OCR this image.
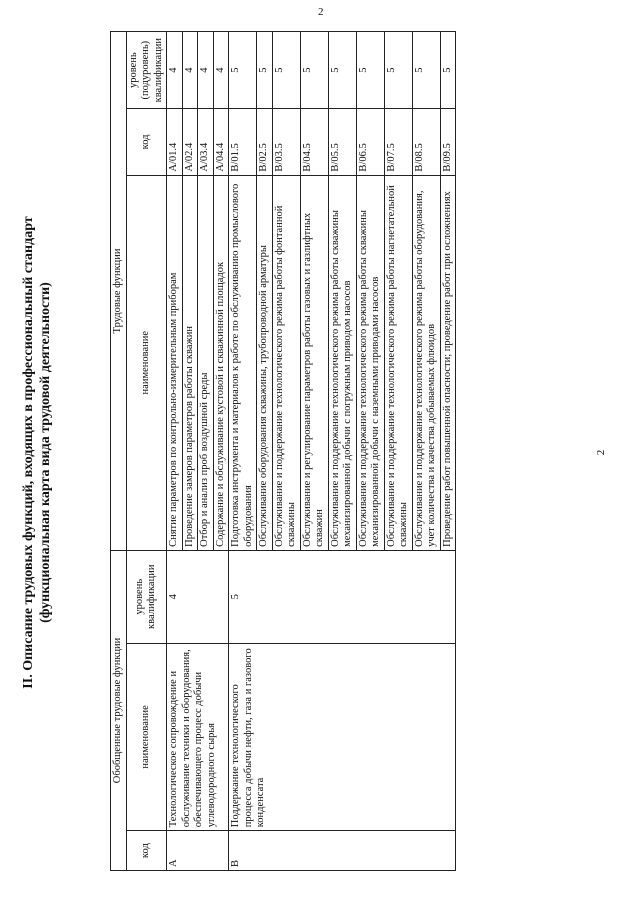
2
II. Описание трудовых функций, входящих в профессиональный стандарт (функциональная карта вида трудовой деятельности)
Обобщенные трудовые функции			Трудовые функции		
код	наименование	уровень квалификации	наименование	код	уровень (подуровень) квалификации
A	Технологическое сопровождение и обслуживание техники и оборудования, обеспечивающего процесс добычи углеводородного сырья	4	Снятие параметров по контрольно-измерительным приборам	A/01.4	4
			Проведение замеров параметров работы скважин	A/02.4	4
			Отбор и анализ проб воздушной среды	A/03.4	4
			Содержание и обслуживание кустовой и скважинной площадок	A/04.4	4
B	Поддержание технологического процесса добычи нефти, газа и газового конденсата	5	Подготовка инструмента и материалов к работе по обслуживанию промыслового оборудования	B/01.5	5
			Обслуживание оборудования скважины, трубопроводной арматуры	B/02.5	5
			Обслуживание и поддержание технологического режима работы фонтанной скважины	B/03.5	5
			Обслуживание и регулирование параметров работы газовых и газлифтных скважин	B/04.5	5
			Обслуживание и поддержание технологического режима работы скважины механизированной добычи с погружным приводом насосов	B/05.5	5
			Обслуживание и поддержание технологического режима работы скважины механизированной добычи с наземными приводами насосов	B/06.5	5
			Обслуживание и поддержание технологического режима работы нагнетательной скважины	B/07.5	5
			Обслуживание и поддержание технологического режима работы оборудования, учет количества и качества добываемых флюидов	B/08.5	5
			Проведение работ повышенной опасности; проведение работ при осложнениях	B/09.5	5
2
